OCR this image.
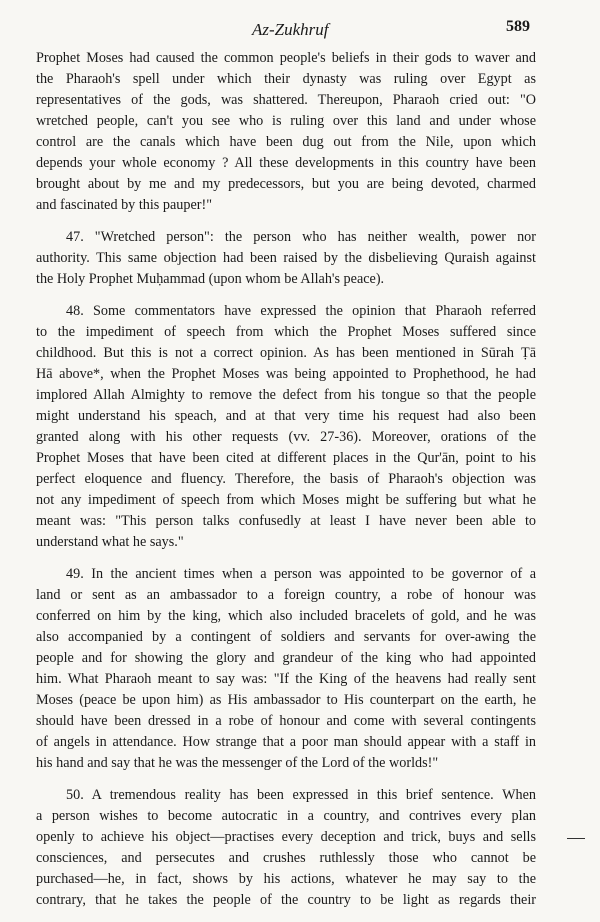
Az-Zukhruf	589

Prophet Moses had caused the common people's beliefs in their gods to waver and
the Pharaoh's spell under which their dynasty was ruling over Egypt as
representatives of the gods, was shattered. Thereupon, Pharaoh cried out: "O
wretched people, can't you see who is ruling over this land and under whose
control are the canals which have been dug out from the Nile, upon which
depends your whole economy ? All these developments in this country have been
brought about by me and my predecessors, but you are being devoted, charmed
and fascinated by this pauper!"

47. "Wretched person": the person who has neither wealth, power nor
authority. This same objection had been raised by the disbelieving Quraish against
the Holy Prophet Muḥammad (upon whom be Allah's peace).

48. Some commentators have expressed the opinion that Pharaoh referred
to the impediment of speech from which the Prophet Moses suffered since
childhood. But this is not a correct opinion. As has been mentioned in Sūrah Ṭā
Hā above*, when the Prophet Moses was being appointed to Prophethood, he had
implored Allah Almighty to remove the defect from his tongue so that the people
might understand his speach, and at that very time his request had also been
granted along with his other requests (vv. 27-36). Moreover, orations of the
Prophet Moses that have been cited at different places in the Qur'ān, point to his
perfect eloquence and fluency. Therefore, the basis of Pharaoh's objection was
not any impediment of speech from which Moses might be suffering but what he
meant was: "This person talks confusedly at least I have never been able to
understand what he says."

49. In the ancient times when a person was appointed to be governor of a
land or sent as an ambassador to a foreign country, a robe of honour was
conferred on him by the king, which also included bracelets of gold, and he was
also accompanied by a contingent of soldiers and servants for over-awing the
people and for showing the glory and grandeur of the king who had appointed
him. What Pharaoh meant to say was: "If the King of the heavens had really sent
Moses (peace be upon him) as His ambassador to His counterpart on the earth, he
should have been dressed in a robe of honour and come with several contingents
of angels in attendance. How strange that a poor man should appear with a staff in
his hand and say that he was the messenger of the Lord of the worlds!"

50. A tremendous reality has been expressed in this brief sentence. When
a person wishes to become autocratic in a country, and contrives every plan
openly to achieve his object—practises every deception and trick, buys and sells
consciences, and persecutes and crushes ruthlessly those who cannot be
purchased—he, in fact, shows by his actions, whatever he may say to the
contrary, that he takes the people of the country to be light as regards their
